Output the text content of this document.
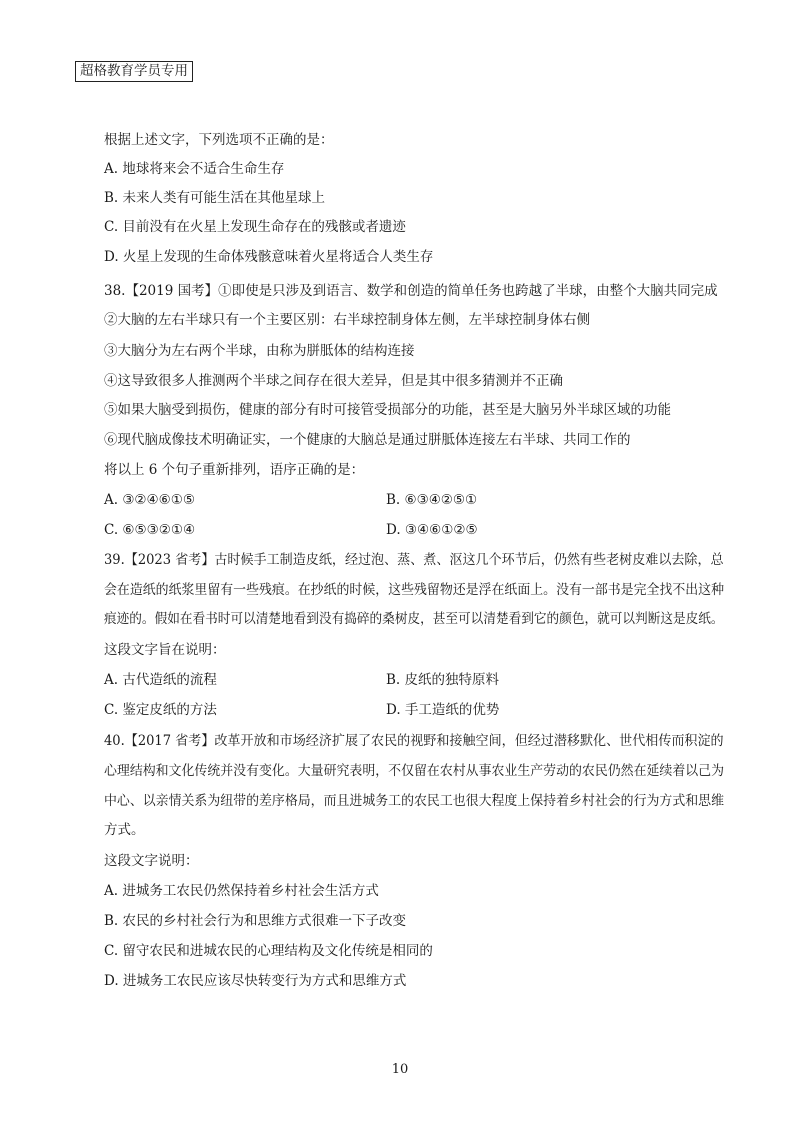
超格教育学员专用
根据上述文字，下列选项不正确的是：
A. 地球将来会不适合生命生存
B. 未来人类有可能生活在其他星球上
C. 目前没有在火星上发现生命存在的残骸或者遗迹
D. 火星上发现的生命体残骸意味着火星将适合人类生存
38.【2019 国考】①即使是只涉及到语言、数学和创造的简单任务也跨越了半球，由整个大脑共同完成
②大脑的左右半球只有一个主要区别：右半球控制身体左侧，左半球控制身体右侧
③大脑分为左右两个半球，由称为胼胝体的结构连接
④这导致很多人推测两个半球之间存在很大差异，但是其中很多猜测并不正确
⑤如果大脑受到损伤，健康的部分有时可接管受损部分的功能，甚至是大脑另外半球区域的功能
⑥现代脑成像技术明确证实，一个健康的大脑总是通过胼胝体连接左右半球、共同工作的
将以上 6 个句子重新排列，语序正确的是：
A. ③②④⑥①⑤	B. ⑥③④②⑤①
C. ⑥⑤③②①④	D. ③④⑥①②⑤
39.【2023 省考】古时候手工制造皮纸，经过泡、蒸、煮、沤这几个环节后，仍然有些老树皮难以去除，总
会在造纸的纸浆里留有一些残痕。在抄纸的时候，这些残留物还是浮在纸面上。没有一部书是完全找不出这种
痕迹的。假如在看书时可以清楚地看到没有捣碎的桑树皮，甚至可以清楚看到它的颜色，就可以判断这是皮纸。
这段文字旨在说明：
A. 古代造纸的流程	B. 皮纸的独特原料
C. 鉴定皮纸的方法	D. 手工造纸的优势
40.【2017 省考】改革开放和市场经济扩展了农民的视野和接触空间，但经过潜移默化、世代相传而积淀的
心理结构和文化传统并没有变化。大量研究表明，不仅留在农村从事农业生产劳动的农民仍然在延续着以己为
中心、以亲情关系为纽带的差序格局，而且进城务工的农民工也很大程度上保持着乡村社会的行为方式和思维
方式。
这段文字说明：
A. 进城务工农民仍然保持着乡村社会生活方式
B. 农民的乡村社会行为和思维方式很难一下子改变
C. 留守农民和进城农民的心理结构及文化传统是相同的
D. 进城务工农民应该尽快转变行为方式和思维方式
10
